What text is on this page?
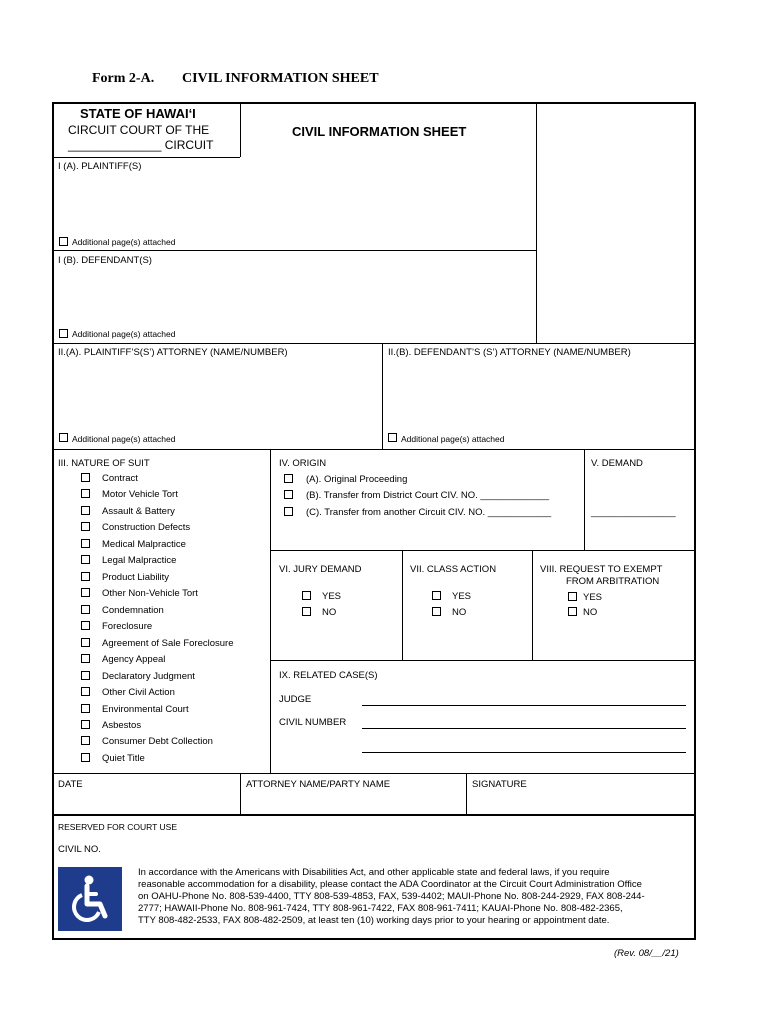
Form 2-A. CIVIL INFORMATION SHEET
STATE OF HAWAI‘I
CIRCUIT COURT OF THE
______________ CIRCUIT
CIVIL INFORMATION SHEET
I (A). PLAINTIFF(S)
Additional page(s) attached
I (B). DEFENDANT(S)
Additional page(s) attached
II.(A). PLAINTIFF’S(S’) ATTORNEY (NAME/NUMBER)	II.(B). DEFENDANT’S (S’) ATTORNEY (NAME/NUMBER)
Additional page(s) attached	Additional page(s) attached
III. NATURE OF SUIT
Contract
Motor Vehicle Tort
Assault & Battery
Construction Defects
Medical Malpractice
Legal Malpractice
Product Liability
Other Non-Vehicle Tort
Condemnation
Foreclosure
Agreement of Sale Foreclosure
Agency Appeal
Declaratory Judgment
Other Civil Action
Environmental Court
Asbestos
Consumer Debt Collection
Quiet Title
IV. ORIGIN
(A). Original Proceeding
(B). Transfer from District Court CIV. NO. _____________
(C). Transfer from another Circuit CIV. NO. ____________
V. DEMAND
________________
VI. JURY DEMAND
YES
NO
VII. CLASS ACTION
YES
NO
VIII. REQUEST TO EXEMPT
FROM ARBITRATION
YES
NO
IX. RELATED CASE(S)
JUDGE
CIVIL NUMBER
DATE	ATTORNEY NAME/PARTY NAME	SIGNATURE
RESERVED FOR COURT USE
CIVIL NO.
In accordance with the Americans with Disabilities Act, and other applicable state and federal laws, if you require
reasonable accommodation for a disability, please contact the ADA Coordinator at the Circuit Court Administration Office
on OAHU-Phone No. 808-539-4400, TTY 808-539-4853, FAX, 539-4402; MAUI-Phone No. 808-244-2929, FAX 808-244-
2777; HAWAII-Phone No. 808-961-7424, TTY 808-961-7422, FAX 808-961-7411; KAUAI-Phone No. 808-482-2365,
TTY 808-482-2533, FAX 808-482-2509, at least ten (10) working days prior to your hearing or appointment date.
(Rev. 08/__/21)
